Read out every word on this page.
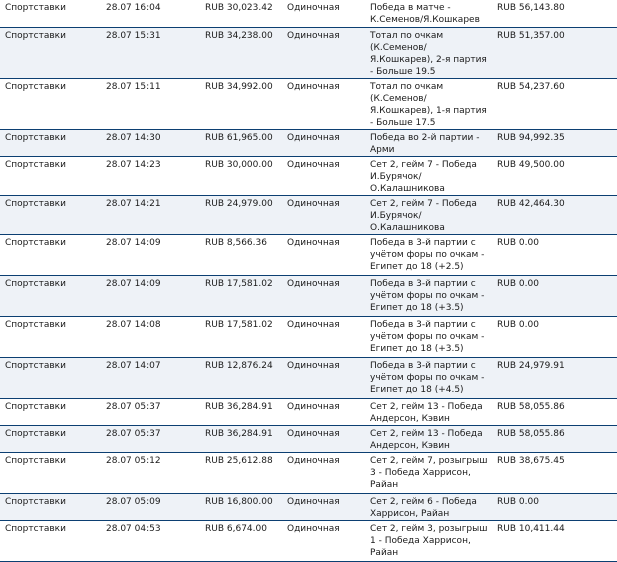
Спортставки	28.07 16:04	RUB 30,023.42	Одиночная	Победа в матче - К.Семенов/Я.Кошкарев	RUB 56,143.80
Спортставки	28.07 15:31	RUB 34,238.00	Одиночная	Тотал по очкам (К.Семенов/Я.Кошкарев), 2-я партия - Больше 19.5	RUB 51,357.00
Спортставки	28.07 15:11	RUB 34,992.00	Одиночная	Тотал по очкам (К.Семенов/Я.Кошкарев), 1-я партия - Больше 17.5	RUB 54,237.60
Спортставки	28.07 14:30	RUB 61,965.00	Одиночная	Победа во 2-й партии - Арми	RUB 94,992.35
Спортставки	28.07 14:23	RUB 30,000.00	Одиночная	Сет 2, гейм 7 - Победа И.Бурячок/О.Калашникова	RUB 49,500.00
Спортставки	28.07 14:21	RUB 24,979.00	Одиночная	Сет 2, гейм 7 - Победа И.Бурячок/О.Калашникова	RUB 42,464.30
Спортставки	28.07 14:09	RUB 8,566.36	Одиночная	Победа в 3-й партии с учётом форы по очкам - Египет до 18 (+2.5)	RUB 0.00
Спортставки	28.07 14:09	RUB 17,581.02	Одиночная	Победа в 3-й партии с учётом форы по очкам - Египет до 18 (+3.5)	RUB 0.00
Спортставки	28.07 14:08	RUB 17,581.02	Одиночная	Победа в 3-й партии с учётом форы по очкам - Египет до 18 (+3.5)	RUB 0.00
Спортставки	28.07 14:07	RUB 12,876.24	Одиночная	Победа в 3-й партии с учётом форы по очкам - Египет до 18 (+4.5)	RUB 24,979.91
Спортставки	28.07 05:37	RUB 36,284.91	Одиночная	Сет 2, гейм 13 - Победа Андерсон, Кэвин	RUB 58,055.86
Спортставки	28.07 05:37	RUB 36,284.91	Одиночная	Сет 2, гейм 13 - Победа Андерсон, Кэвин	RUB 58,055.86
Спортставки	28.07 05:12	RUB 25,612.88	Одиночная	Сет 2, гейм 7, розыгрыш 3 - Победа Харрисон, Райан	RUB 38,675.45
Спортставки	28.07 05:09	RUB 16,800.00	Одиночная	Сет 2, гейм 6 - Победа Харрисон, Райан	RUB 0.00
Спортставки	28.07 04:53	RUB 6,674.00	Одиночная	Сет 2, гейм 3, розыгрыш 1 - Победа Харрисон, Райан	RUB 10,411.44
